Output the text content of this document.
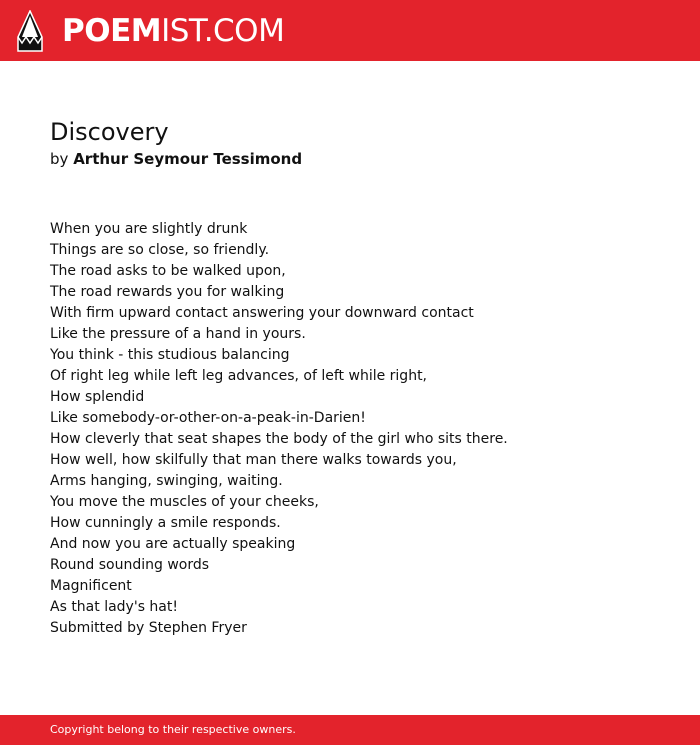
POEMIST.COM
Discovery
by Arthur Seymour Tessimond
When you are slightly drunk
Things are so close, so friendly.
The road asks to be walked upon,
The road rewards you for walking
With firm upward contact answering your downward contact
Like the pressure of a hand in yours.
You think - this studious balancing
Of right leg while left leg advances, of left while right,
How splendid
Like somebody-or-other-on-a-peak-in-Darien!
How cleverly that seat shapes the body of the girl who sits there.
How well, how skilfully that man there walks towards you,
Arms hanging, swinging, waiting.
You move the muscles of your cheeks,
How cunningly a smile responds.
And now you are actually speaking
Round sounding words
Magnificent
As that lady's hat!
Submitted by Stephen Fryer
Copyright belong to their respective owners.
